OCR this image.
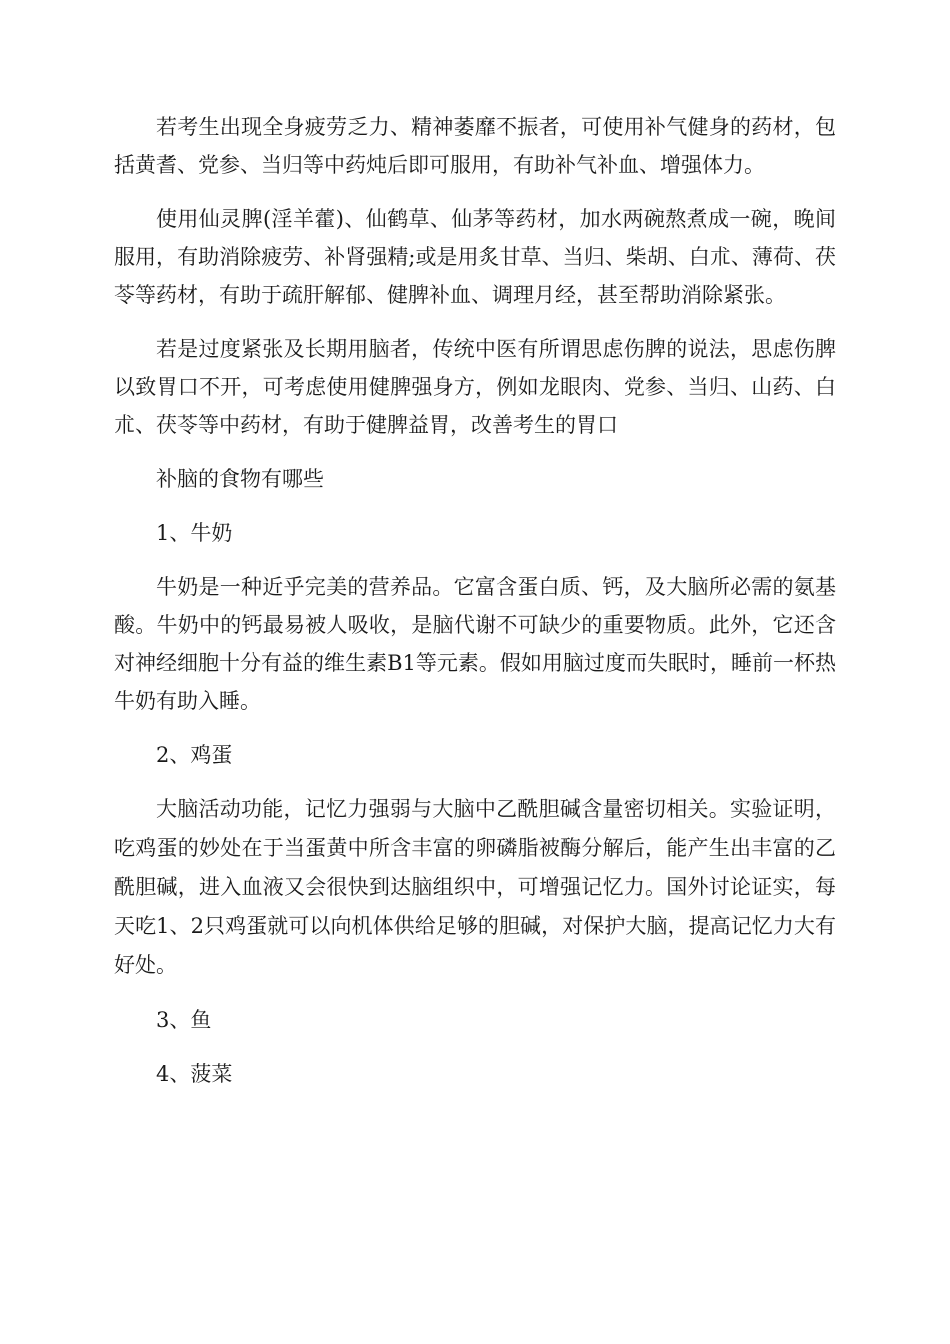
若考生出现全身疲劳乏力、精神萎靡不振者，可使用补气健身的药材，包括黄耆、党参、当归等中药炖后即可服用，有助补气补血、增强体力。

使用仙灵脾(淫羊藿)、仙鹤草、仙茅等药材，加水两碗熬煮成一碗，晚间服用，有助消除疲劳、补肾强精;或是用炙甘草、当归、柴胡、白朮、薄荷、茯苓等药材，有助于疏肝解郁、健脾补血、调理月经，甚至帮助消除紧张。

若是过度紧张及长期用脑者，传统中医有所谓思虑伤脾的说法，思虑伤脾以致胃口不开，可考虑使用健脾强身方，例如龙眼肉、党参、当归、山药、白朮、茯苓等中药材，有助于健脾益胃，改善考生的胃口

补脑的食物有哪些

1、牛奶

牛奶是一种近乎完美的营养品。它富含蛋白质、钙，及大脑所必需的氨基酸。牛奶中的钙最易被人吸收，是脑代谢不可缺少的重要物质。此外，它还含对神经细胞十分有益的维生素B1等元素。假如用脑过度而失眠时，睡前一杯热牛奶有助入睡。

2、鸡蛋

大脑活动功能，记忆力强弱与大脑中乙酰胆碱含量密切相关。实验证明，吃鸡蛋的妙处在于当蛋黄中所含丰富的卵磷脂被酶分解后，能产生出丰富的乙酰胆碱，进入血液又会很快到达脑组织中，可增强记忆力。国外讨论证实，每天吃1、2只鸡蛋就可以向机体供给足够的胆碱，对保护大脑，提高记忆力大有好处。

3、鱼

4、菠菜
